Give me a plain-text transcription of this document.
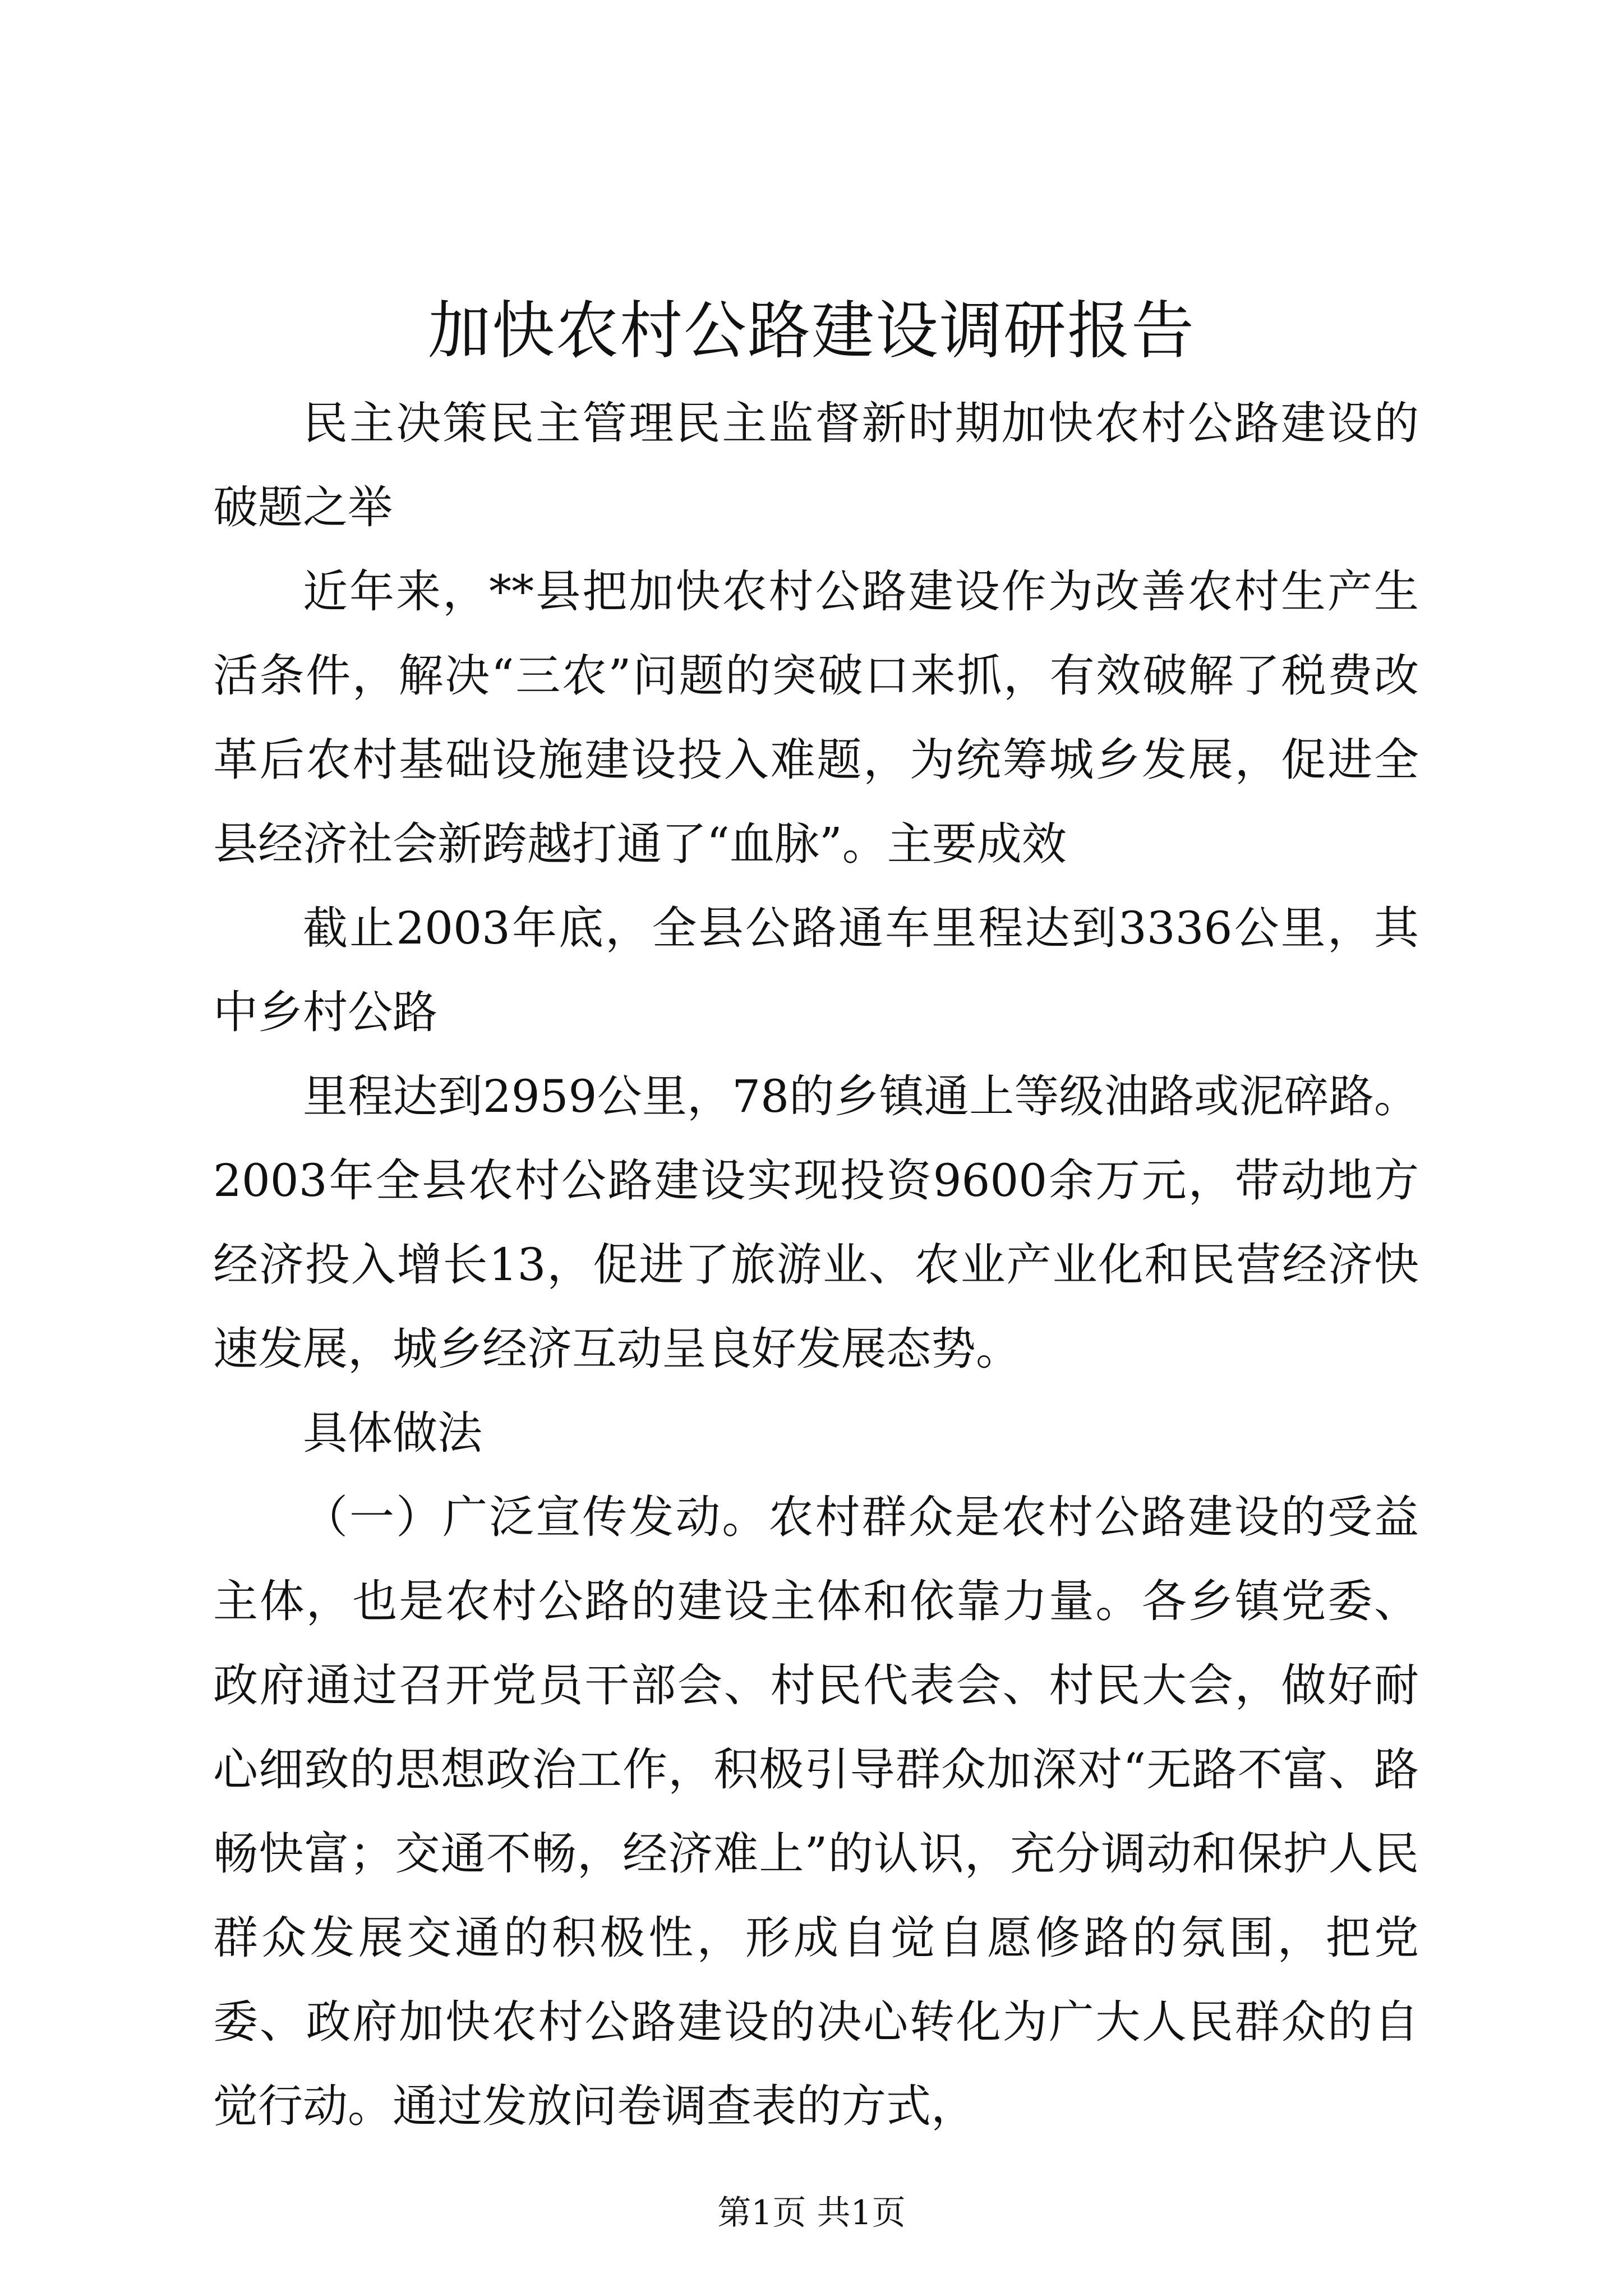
加快农村公路建设调研报告

民主决策民主管理民主监督新时期加快农村公路建设的破题之举

近年来，**县把加快农村公路建设作为改善农村生产生活条件，解决“三农”问题的突破口来抓，有效破解了税费改革后农村基础设施建设投入难题，为统筹城乡发展，促进全县经济社会新跨越打通了“血脉”。主要成效

截止2003年底，全县公路通车里程达到3336公里，其中乡村公路

里程达到2959公里，78的乡镇通上等级油路或泥碎路。2003年全县农村公路建设实现投资9600余万元，带动地方经济投入增长13，促进了旅游业、农业产业化和民营经济快速发展，城乡经济互动呈良好发展态势。

具体做法

（一）广泛宣传发动。农村群众是农村公路建设的受益主体，也是农村公路的建设主体和依靠力量。各乡镇党委、政府通过召开党员干部会、村民代表会、村民大会，做好耐心细致的思想政治工作，积极引导群众加深对“无路不富、路畅快富；交通不畅，经济难上”的认识，充分调动和保护人民群众发展交通的积极性，形成自觉自愿修路的氛围，把党委、政府加快农村公路建设的决心转化为广大人民群众的自觉行动。通过发放问卷调查表的方式，

第1页 共1页
